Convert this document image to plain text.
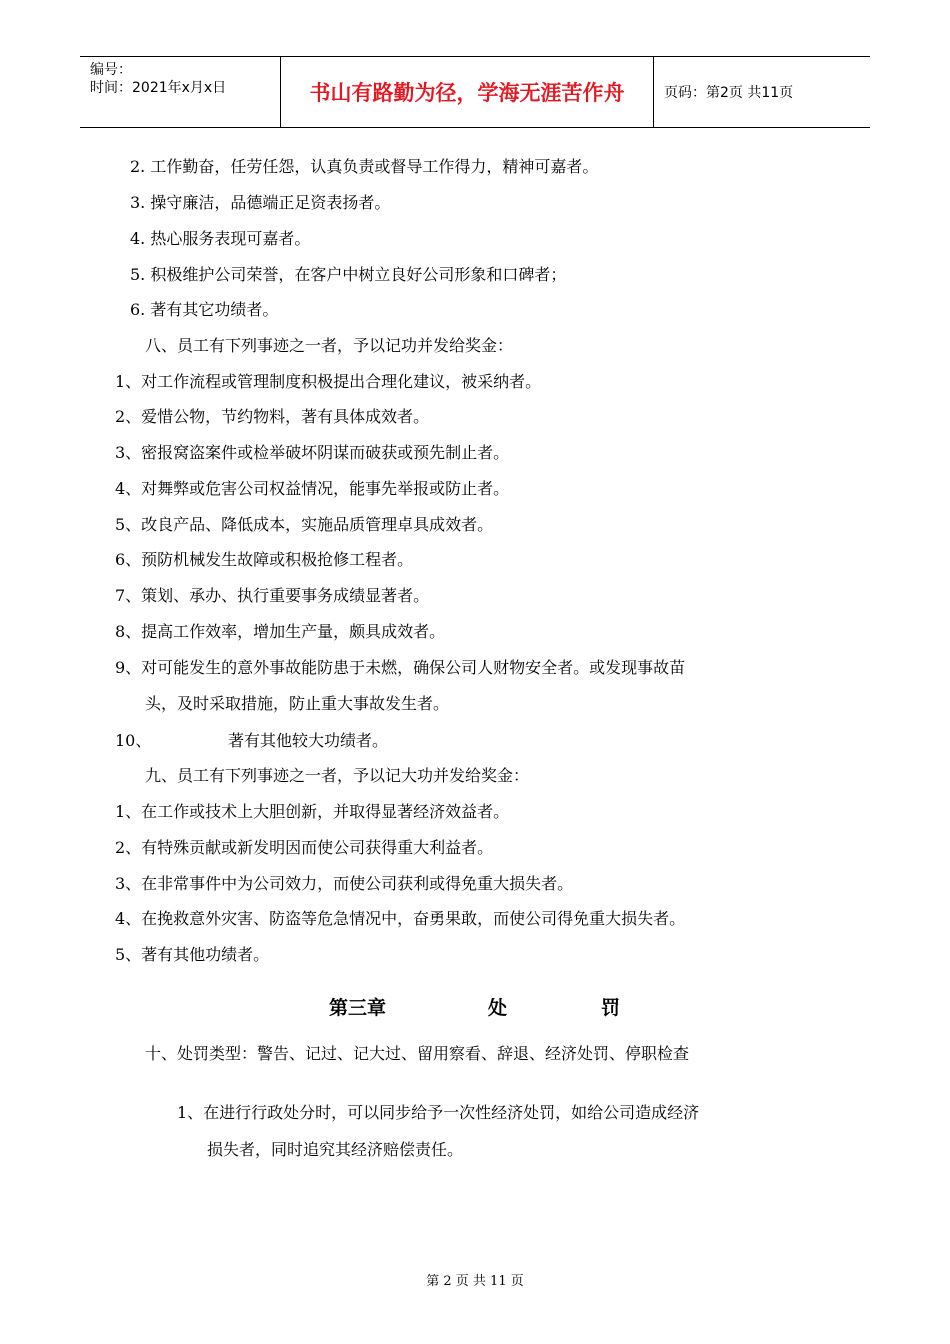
编号：
时间：2021年x月x日	书山有路勤为径，学海无涯苦作舟	页码：第2页 共11页
2. 工作勤奋，任劳任怨，认真负责或督导工作得力，精神可嘉者。
3. 操守廉洁，品德端正足资表扬者。
4. 热心服务表现可嘉者。
5. 积极维护公司荣誉，在客户中树立良好公司形象和口碑者；
6. 著有其它功绩者。
八、员工有下列事迹之一者，予以记功并发给奖金：
1、对工作流程或管理制度积极提出合理化建议，被采纳者。
2、爱惜公物，节约物料，著有具体成效者。
3、密报窝盗案件或检举破坏阴谋而破获或预先制止者。
4、对舞弊或危害公司权益情况，能事先举报或防止者。
5、改良产品、降低成本，实施品质管理卓具成效者。
6、预防机械发生故障或积极抢修工程者。
7、策划、承办、执行重要事务成绩显著者。
8、提高工作效率，增加生产量，颇具成效者。
9、对可能发生的意外事故能防患于未燃，确保公司人财物安全者。或发现事故苗
头，及时采取措施，防止重大事故发生者。
10、	著有其他较大功绩者。
九、员工有下列事迹之一者，予以记大功并发给奖金：
1、在工作或技术上大胆创新，并取得显著经济效益者。
2、有特殊贡献或新发明因而使公司获得重大利益者。
3、在非常事件中为公司效力，而使公司获利或得免重大损失者。
4、在挽救意外灾害、防盗等危急情况中，奋勇果敢，而使公司得免重大损失者。
5、著有其他功绩者。
第三章	处	罚
十、处罚类型：警告、记过、记大过、留用察看、辞退、经济处罚、停职检查
1、在进行行政处分时，可以同步给予一次性经济处罚，如给公司造成经济
损失者，同时追究其经济赔偿责任。
第 2 页 共 11 页
